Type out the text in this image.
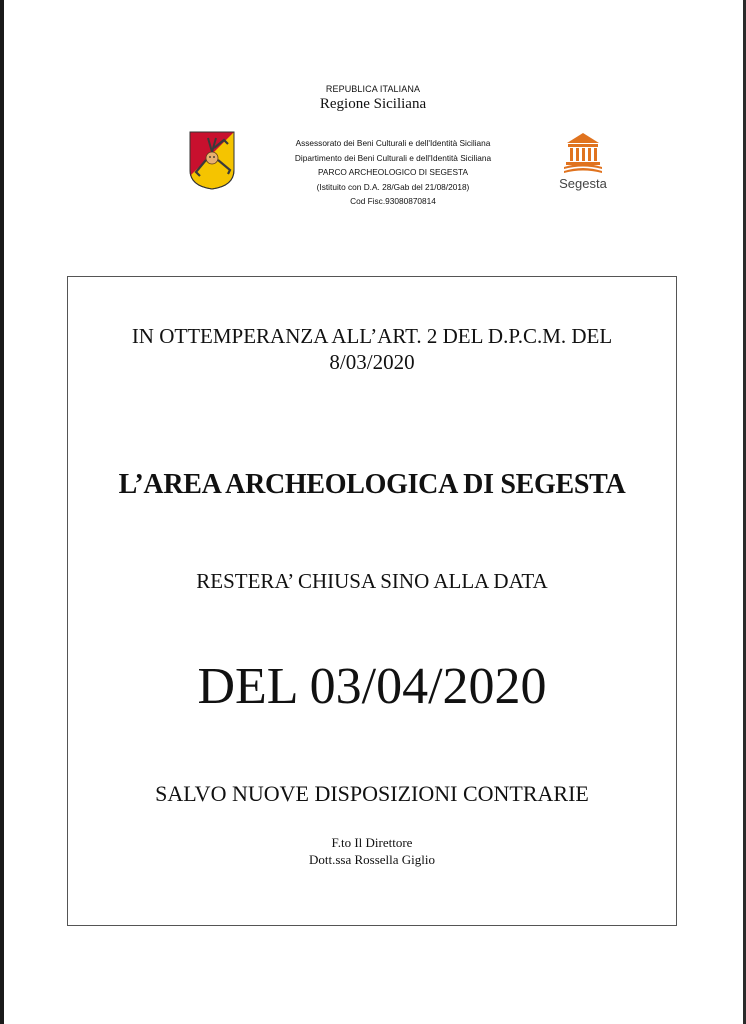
REPUBLICA ITALIANA
Regione Siciliana
Assessorato dei Beni Culturali e dell'Identità Siciliana
Dipartimento dei Beni Culturali e dell'Identità Siciliana
PARCO ARCHEOLOGICO DI SEGESTA
(Istituito con D.A. 28/Gab del 21/08/2018)
Cod Fisc.93080870814
Segesta
IN OTTEMPERANZA ALL’ART. 2 DEL D.P.C.M. DEL
8/03/2020
L’AREA ARCHEOLOGICA DI SEGESTA
RESTERA’ CHIUSA SINO ALLA DATA
DEL 03/04/2020
SALVO NUOVE DISPOSIZIONI CONTRARIE
F.to Il Direttore
Dott.ssa Rossella Giglio
